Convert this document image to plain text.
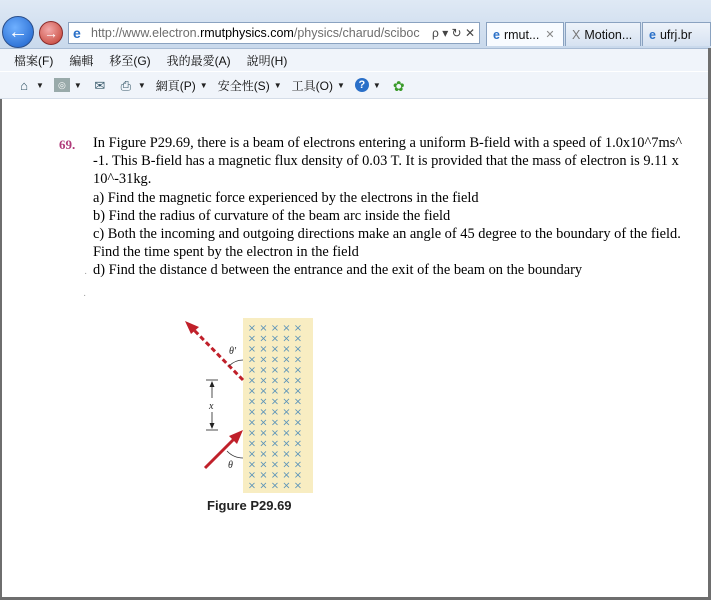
← → e http://www.electron.rmutphysics.com/physics/charud/sciboc	ρ ▾ ↻ ✕	e rmut... ✕ X Motion... e ufrj.br
檔案(F) 編輯 移至(G) 我的最愛(A) 說明(H)
⌂	▼	◎	▼ ✉ ⎙ ▼ 網頁(P) ▼ 安全性(S) ▼ 工具(O) ▼	? ▼ ✿
69. In Figure P29.69, there is a beam of electrons entering a uniform B-field with a speed of 1.0x10^7ms^
-1. This B-field has a magnetic flux density of 0.03 T. It is provided that the mass of electron is 9.11 x
10^-31kg.
a) Find the magnetic force experienced by the electrons in the field
b) Find the radius of curvature of the beam arc inside the field
c) Both the incoming and outgoing directions make an angle of 45 degree to the boundary of the field.
Find the time spent by the electron in the field
d) Find the distance d between the entrance and the exit of the beam on the boundary
·
·
× × × × ×
× × × × ×
× × × × ×
× × × × ×
× × × × ×
× × × × ×
× × × × ×
× × × × ×
× × × × ×
× × × × ×
× × × × ×
× × × × ×
× × × × ×
× × × × ×
× × × × ×
× × × × ×
θ′
θ
x
Figure P29.69
